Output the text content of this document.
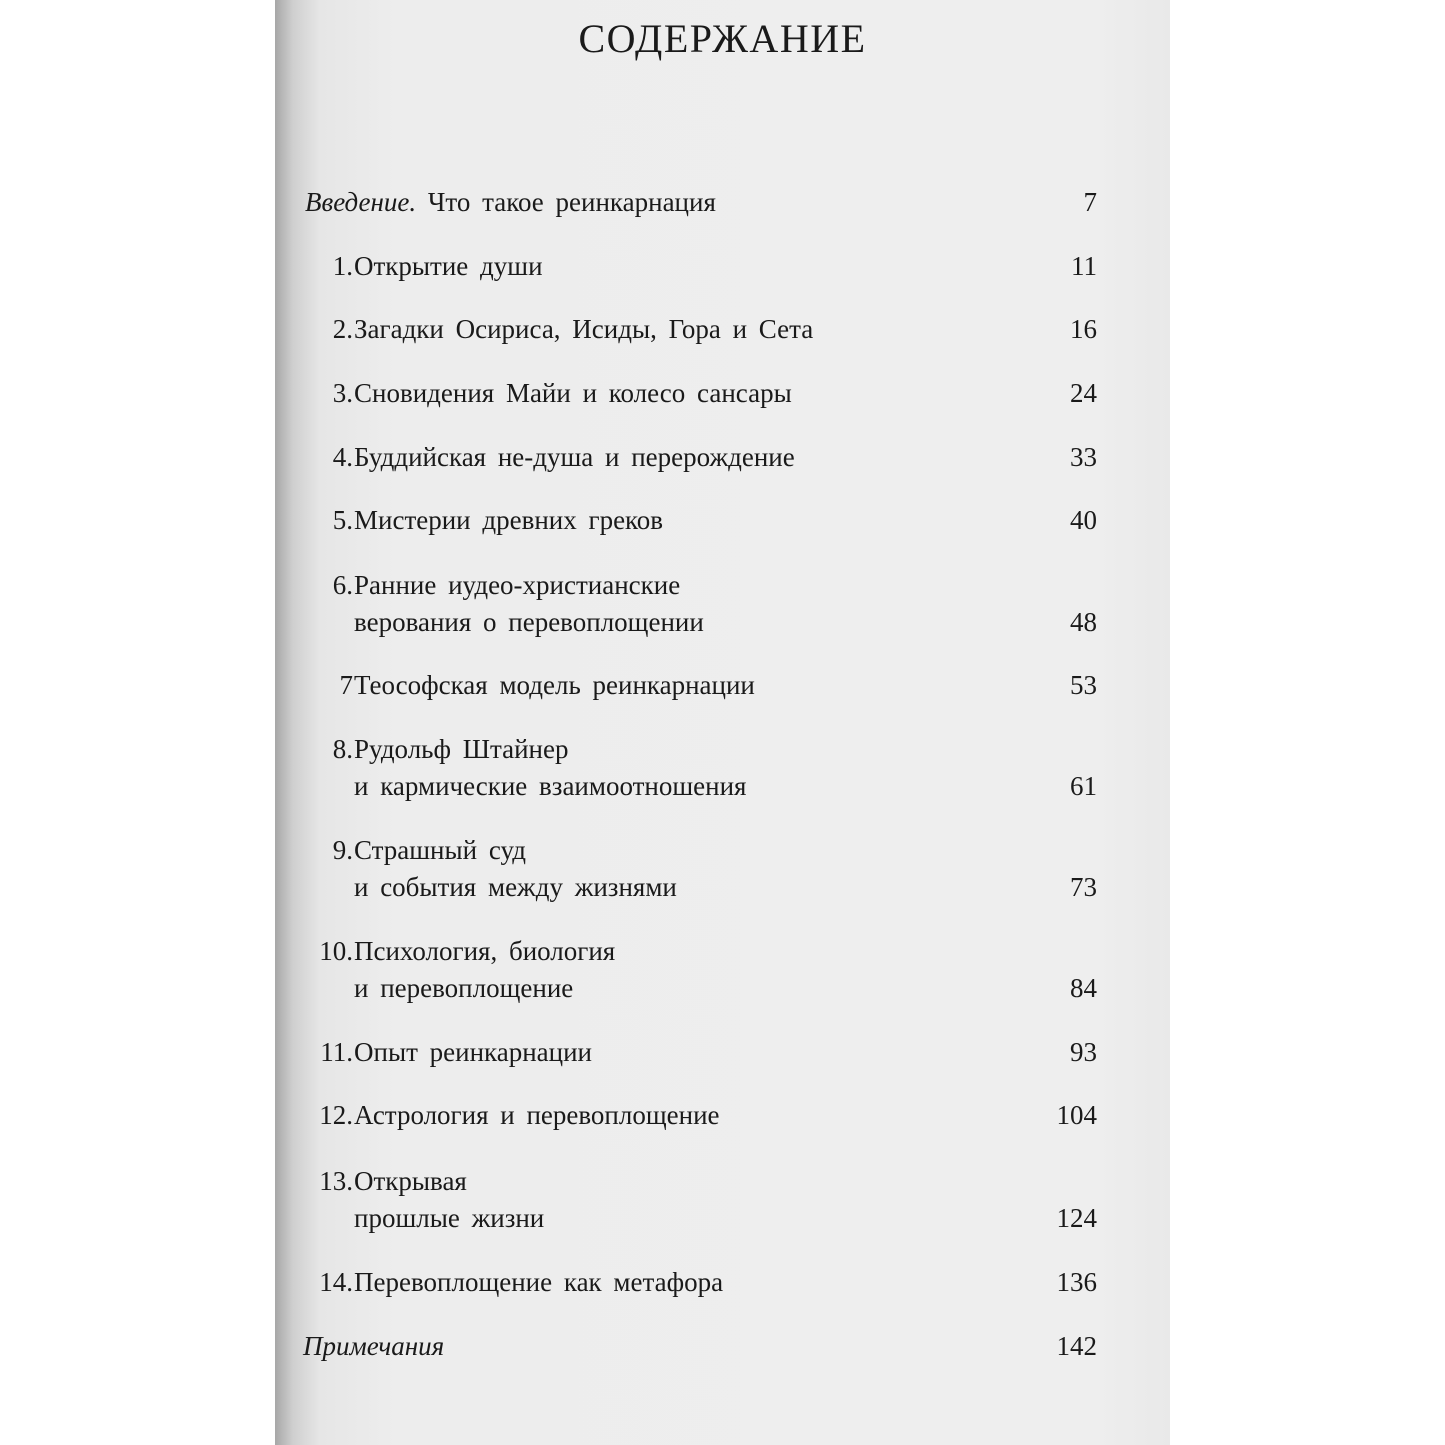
СОДЕРЖАНИЕ
Введение. Что такое реинкарнация	7
1. Открытие души	11
2. Загадки Осириса, Исиды, Гора и Сета	16
3. Сновидения Майи и колесо сансары	24
4. Буддийская не-душа и перерождение	33
5. Мистерии древних греков	40
6. Ранние иудео-христианские
верования о перевоплощении	48
7 Теософская модель реинкарнации	53
8. Рудольф Штайнер
и кармические взаимоотношения	61
9. Страшный суд
и события между жизнями	73
10. Психология, биология
и перевоплощение	84
11. Опыт реинкарнации	93
12. Астрология и перевоплощение	104
13. Открывая
прошлые жизни	124
14. Перевоплощение как метафора	136
Примечания	142
